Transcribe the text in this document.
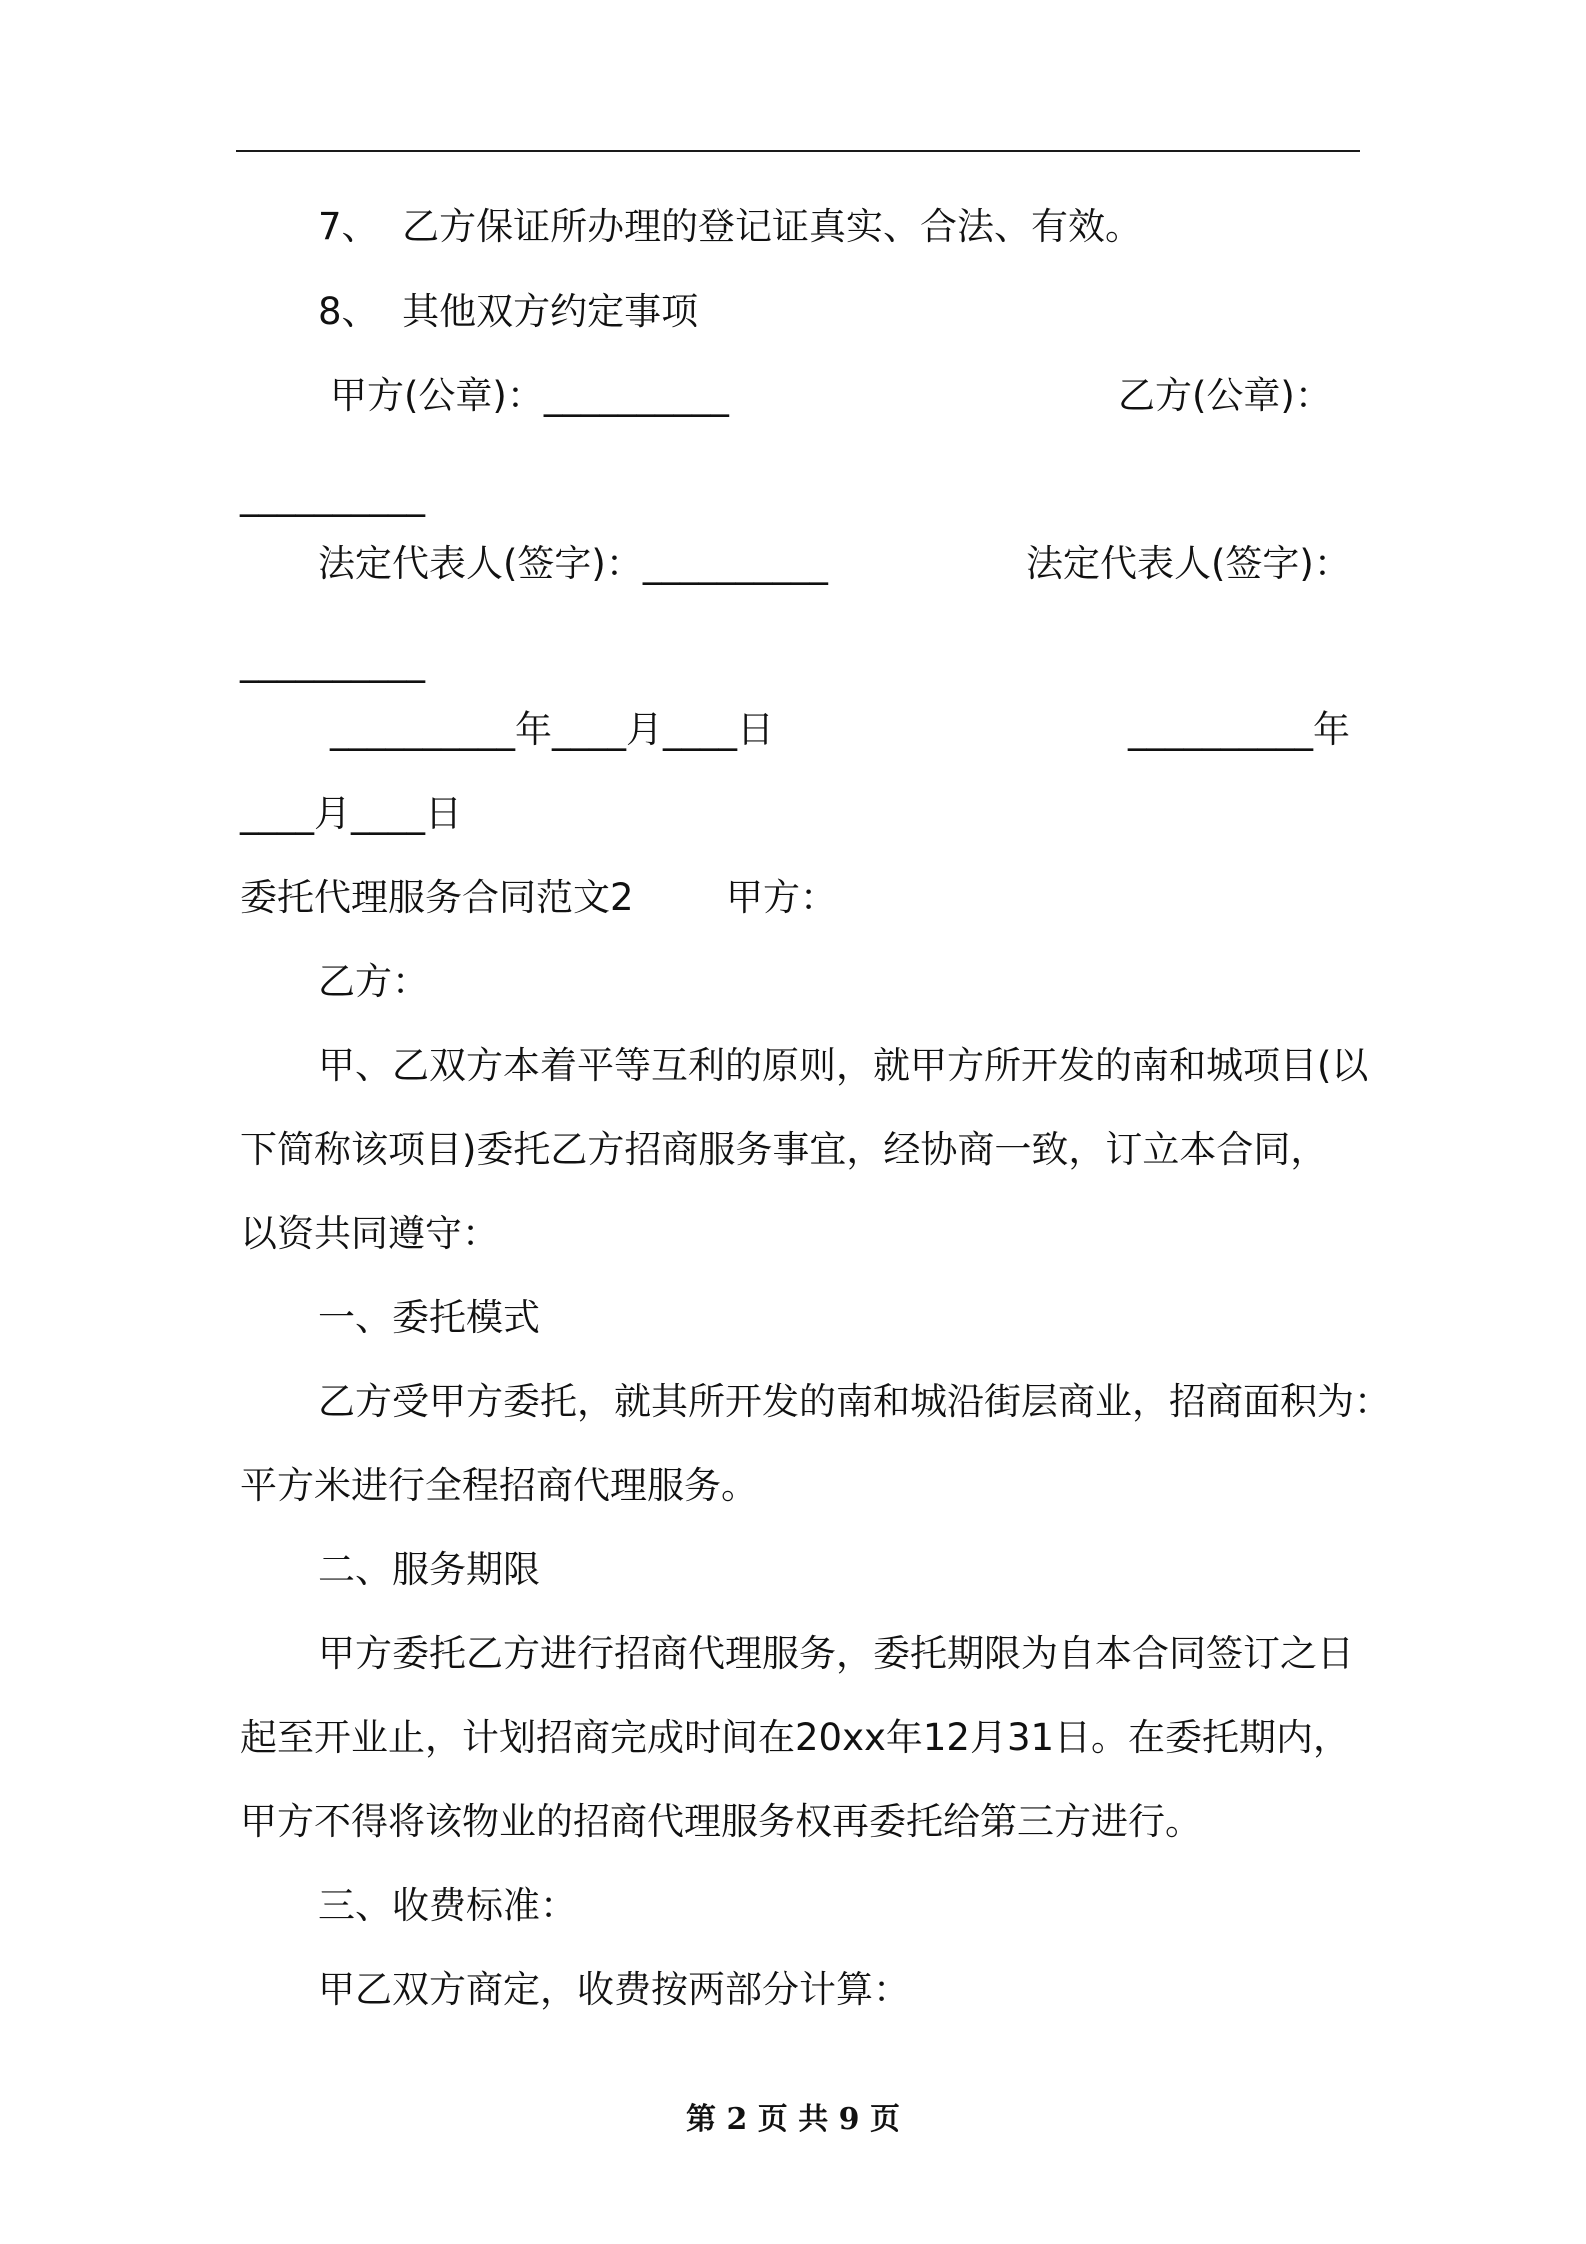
7、  乙方保证所办理的登记证真实、合法、有效。
8、  其他双方约定事项
甲方(公章)：__________	乙方(公章)：
__________
法定代表人(签字)：__________	法定代表人(签字)：
__________
__________年____月____日	__________年
____月____日
委托代理服务合同范文2 甲方：
乙方：
甲、乙双方本着平等互利的原则，就甲方所开发的南和城项目(以
下简称该项目)委托乙方招商服务事宜，经协商一致，订立本合同，
以资共同遵守：
一、委托模式
乙方受甲方委托，就其所开发的南和城沿街层商业，招商面积为：
平方米进行全程招商代理服务。
二、服务期限
甲方委托乙方进行招商代理服务，委托期限为自本合同签订之日
起至开业止，计划招商完成时间在20xx年12月31日。在委托期内，
甲方不得将该物业的招商代理服务权再委托给第三方进行。
三、收费标准：
甲乙双方商定，收费按两部分计算：
第 2 页 共 9 页
